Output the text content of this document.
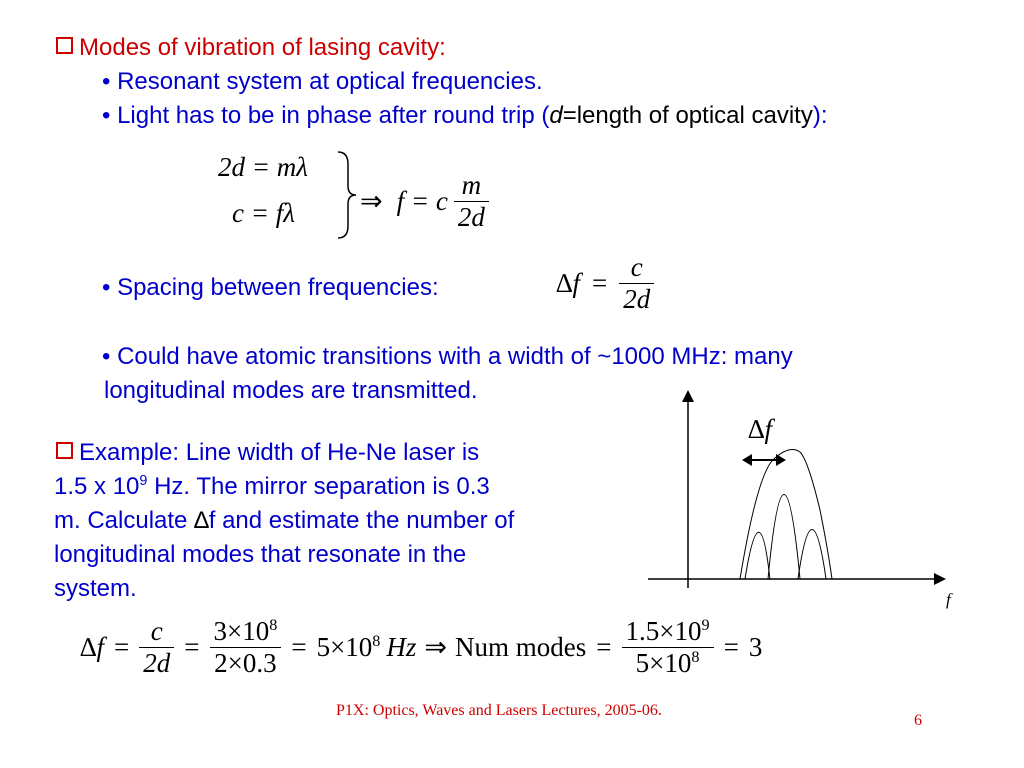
Modes of vibration of lasing cavity:
• Resonant system at optical frequencies.
• Light has to be in phase after round trip (d=length of optical cavity):
2d = mλ
c = fλ ⇒ f = c $\frac{m}{2d}$
• Spacing between frequencies:	$\Delta f = \frac{c}{2d}$
• Could have atomic transitions with a width of ~1000 MHz: many
longitudinal modes are transmitted.
Example: Line width of He-Ne laser is
1.5 x $10^9$ Hz. The mirror separation is 0.3
m. Calculate ∆f and estimate the number of
longitudinal modes that resonate in the
system.
∆f
f
$\Delta f = \frac{c}{2d} = \frac{3\times 10^8}{2\times 0.3} = 5\times 10^8$ Hz ⇒ Num modes = $\frac{1.5\times 10^9}{5\times 10^8} = 3$
P1X: Optics, Waves and Lasers Lectures, 2005-06.
6
